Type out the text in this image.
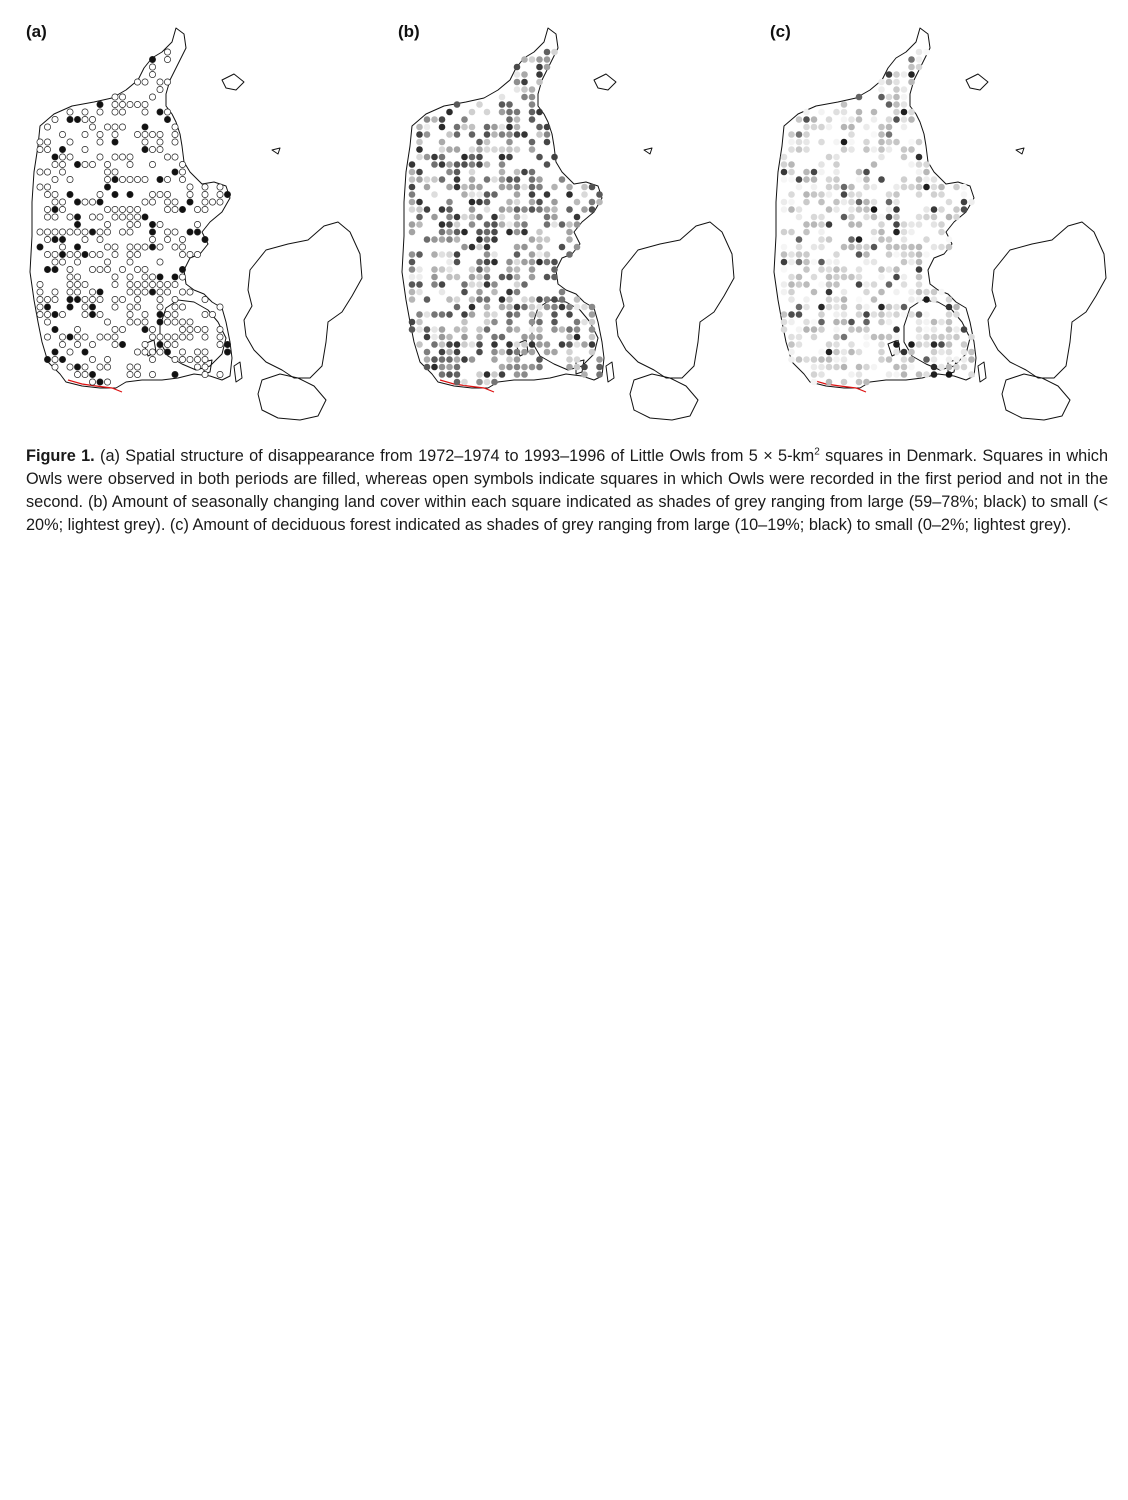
(a)	(b)	(c)
Figure 1. (a) Spatial structure of disappearance from 1972–1974 to 1993–1996 of Little Owls from $5 \times 5-km^2$ squares in Denmark. Squares in which Owls were observed in both periods are filled, whereas open symbols indicate squares in which Owls were recorded in the first period and not in the second. (b) Amount of seasonally changing land cover within each square indicated as shades of grey ranging from large (59–78%; black) to small (< 20%; lightest grey). (c) Amount of deciduous forest indicated as shades of grey ranging from large (10–19%; black) to small (0–2%; lightest grey).
